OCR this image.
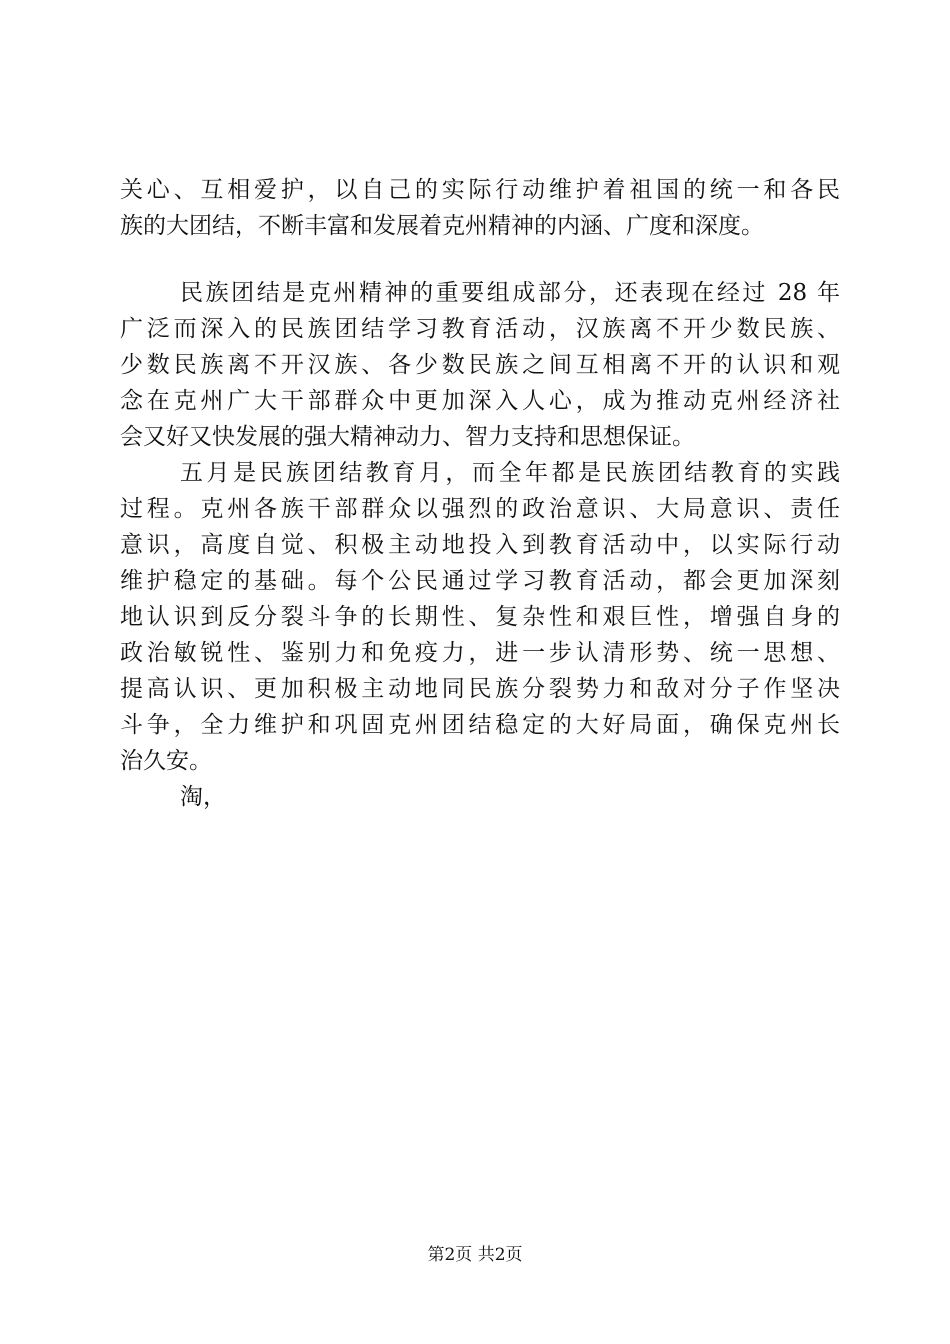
关心、互相爱护，以自己的实际行动维护着祖国的统一和各民
族的大团结，不断丰富和发展着克州精神的内涵、广度和深度。
民族团结是克州精神的重要组成部分，还表现在经过 28 年
广泛而深入的民族团结学习教育活动，汉族离不开少数民族、
少数民族离不开汉族、各少数民族之间互相离不开的认识和观
念在克州广大干部群众中更加深入人心，成为推动克州经济社
会又好又快发展的强大精神动力、智力支持和思想保证。
五月是民族团结教育月，而全年都是民族团结教育的实践
过程。克州各族干部群众以强烈的政治意识、大局意识、责任
意识，高度自觉、积极主动地投入到教育活动中，以实际行动
维护稳定的基础。每个公民通过学习教育活动，都会更加深刻
地认识到反分裂斗争的长期性、复杂性和艰巨性，增强自身的
政治敏锐性、鉴别力和免疫力，进一步认清形势、统一思想、
提高认识、更加积极主动地同民族分裂势力和敌对分子作坚决
斗争，全力维护和巩固克州团结稳定的大好局面，确保克州长
治久安。
淘，
第2页 共2页
